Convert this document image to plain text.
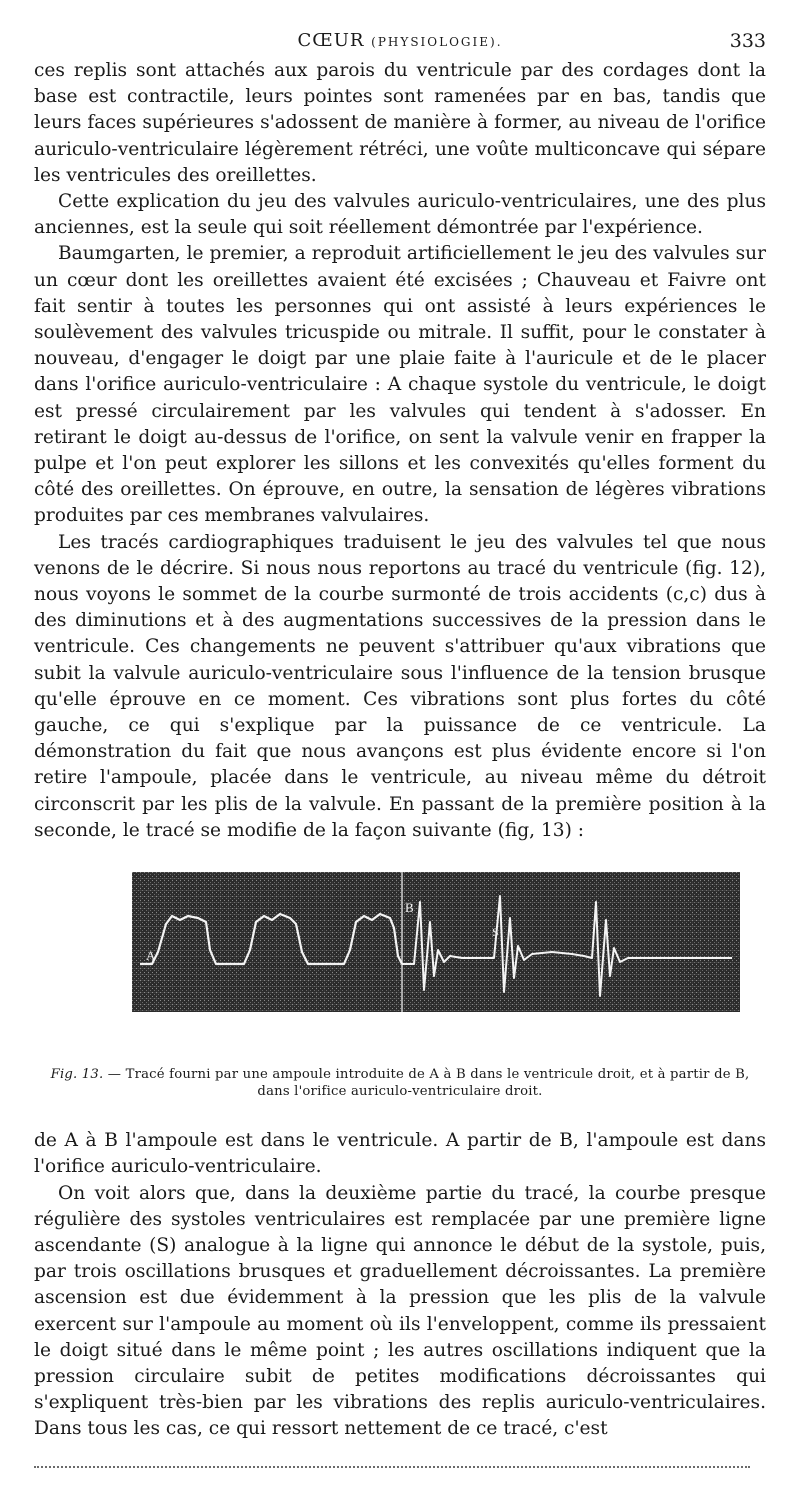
CŒUR (PHYSIOLOGIE).	333

ces replis sont attachés aux parois du ventricule par des cordages dont la base est contractile, leurs pointes sont ramenées par en bas, tandis que leurs faces supérieures s'adossent de manière à former, au niveau de l'orifice auriculo-ventriculaire légèrement rétréci, une voûte multiconcave qui sépare les ventricules des oreillettes.

Cette explication du jeu des valvules auriculo-ventriculaires, une des plus anciennes, est la seule qui soit réellement démontrée par l'expérience.

Baumgarten, le premier, a reproduit artificiellement le jeu des valvules sur un cœur dont les oreillettes avaient été excisées ; Chauveau et Faivre ont fait sentir à toutes les personnes qui ont assisté à leurs expériences le soulèvement des valvules tricuspide ou mitrale. Il suffit, pour le constater à nouveau, d'engager le doigt par une plaie faite à l'auricule et de le placer dans l'orifice auriculo-ventriculaire : A chaque systole du ventricule, le doigt est pressé circulairement par les valvules qui tendent à s'adosser. En retirant le doigt au-dessus de l'orifice, on sent la valvule venir en frapper la pulpe et l'on peut explorer les sillons et les convexités qu'elles forment du côté des oreillettes. On éprouve, en outre, la sensation de légères vibrations produites par ces membranes valvulaires.

Les tracés cardiographiques traduisent le jeu des valvules tel que nous venons de le décrire. Si nous nous reportons au tracé du ventricule (fig. 12), nous voyons le sommet de la courbe surmonté de trois accidents (c,c) dus à des diminutions et à des augmentations successives de la pression dans le ventricule. Ces changements ne peuvent s'attribuer qu'aux vibrations que subit la valvule auriculo-ventriculaire sous l'influence de la tension brusque qu'elle éprouve en ce moment. Ces vibrations sont plus fortes du côté gauche, ce qui s'explique par la puissance de ce ventricule. La démonstration du fait que nous avançons est plus évidente encore si l'on retire l'ampoule, placée dans le ventricule, au niveau même du détroit circonscrit par les plis de la valvule. En passant de la première position à la seconde, le tracé se modifie de la façon suivante (fig, 13) :

A
B
S

Fig. 13. — Tracé fourni par une ampoule introduite de A à B dans le ventricule droit, et à partir de B, dans l'orifice auriculo-ventriculaire droit.

de A à B l'ampoule est dans le ventricule. A partir de B, l'ampoule est dans l'orifice auriculo-ventriculaire.

On voit alors que, dans la deuxième partie du tracé, la courbe presque régulière des systoles ventriculaires est remplacée par une première ligne ascendante (S) analogue à la ligne qui annonce le début de la systole, puis, par trois oscillations brusques et graduellement décroissantes. La première ascension est due évidemment à la pression que les plis de la valvule exercent sur l'ampoule au moment où ils l'enveloppent, comme ils pressaient le doigt situé dans le même point ; les autres oscillations indiquent que la pression circulaire subit de petites modifications décroissantes qui s'expliquent très-bien par les vibrations des replis auriculo-ventriculaires. Dans tous les cas, ce qui ressort nettement de ce tracé, c'est
